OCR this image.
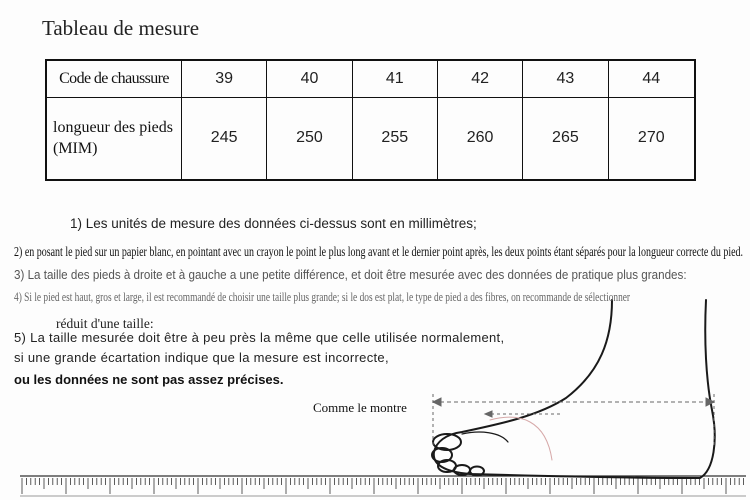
Tableau de mesure
Code de chaussure	39	40	41	42	43	44
longueur des pieds (MIM)	245	250	255	260	265	270
1) Les unités de mesure des données ci-dessus sont en millimètres;
2) en posant le pied sur un papier blanc, en pointant avec un crayon le point le plus long avant et le dernier point après, les deux points étant séparés pour la longueur correcte du pied.
3) La taille des pieds à droite et à gauche a une petite différence, et doit être mesurée avec des données de pratique plus grandes:
4) Si le pied est haut, gros et large, il est recommandé de choisir une taille plus grande; si le dos est plat, le type de pied a des fibres, on recommande de sélectionner
réduit d'une taille:
5) La taille mesurée doit être à peu près la même que celle utilisée normalement,
si une grande écartation indique que la mesure est incorrecte,
ou les données ne sont pas assez précises.
Comme le montre
